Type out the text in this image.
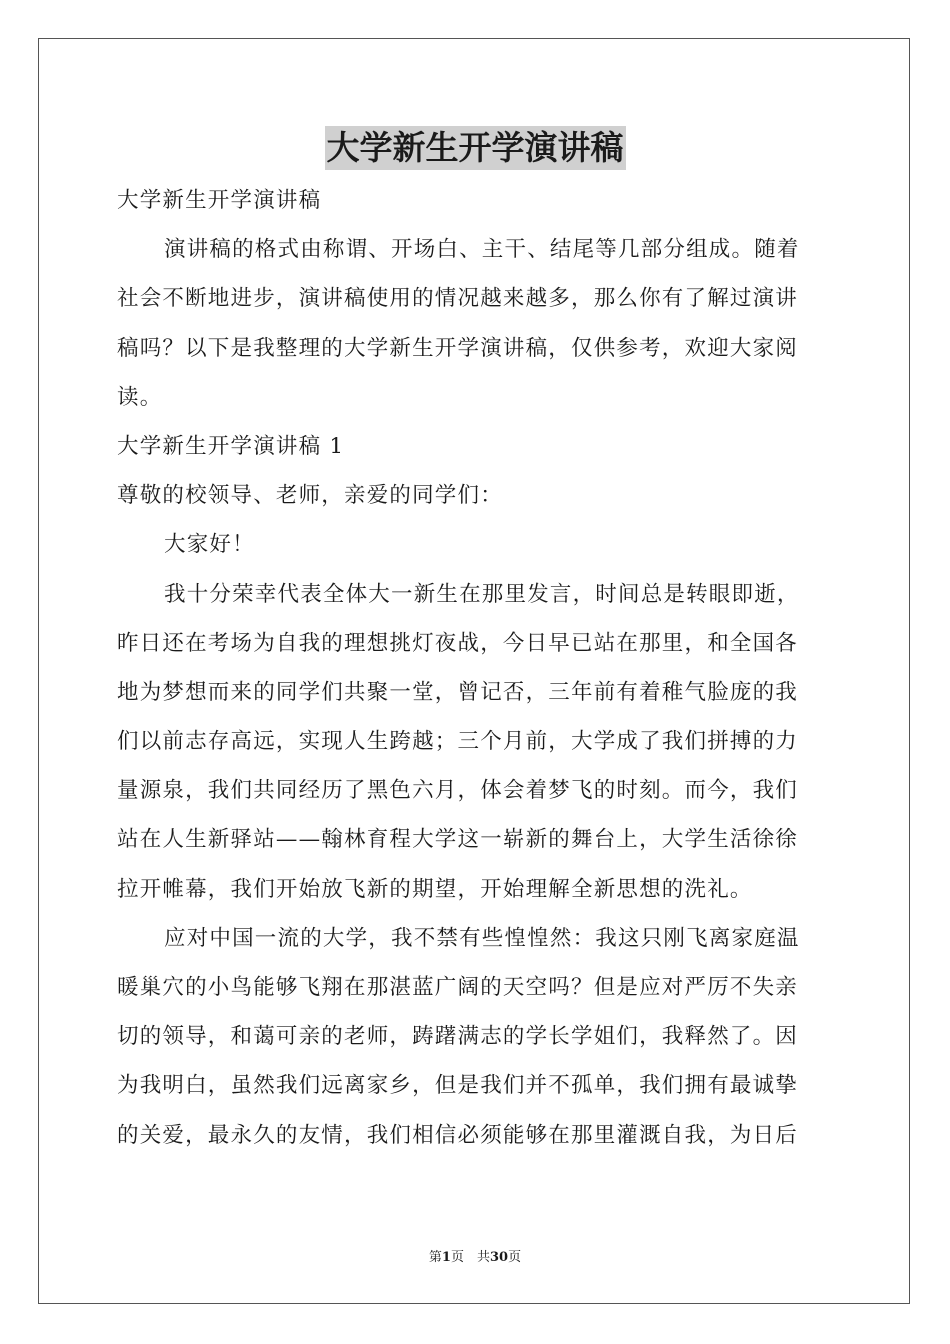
大学新生开学演讲稿
大学新生开学演讲稿
演讲稿的格式由称谓、开场白、主干、结尾等几部分组成。随着
社会不断地进步，演讲稿使用的情况越来越多，那么你有了解过演讲
稿吗？以下是我整理的大学新生开学演讲稿，仅供参考，欢迎大家阅
读。
大学新生开学演讲稿 1
尊敬的校领导、老师，亲爱的同学们：
大家好！
我十分荣幸代表全体大一新生在那里发言，时间总是转眼即逝，
昨日还在考场为自我的理想挑灯夜战，今日早已站在那里，和全国各
地为梦想而来的同学们共聚一堂，曾记否，三年前有着稚气脸庞的我
们以前志存高远，实现人生跨越；三个月前，大学成了我们拼搏的力
量源泉，我们共同经历了黑色六月，体会着梦飞的时刻。而今，我们
站在人生新驿站——翰林育程大学这一崭新的舞台上，大学生活徐徐
拉开帷幕，我们开始放飞新的期望，开始理解全新思想的洗礼。
应对中国一流的大学，我不禁有些惶惶然：我这只刚飞离家庭温
暖巢穴的小鸟能够飞翔在那湛蓝广阔的天空吗？但是应对严厉不失亲
切的领导，和蔼可亲的老师，踌躇满志的学长学姐们，我释然了。因
为我明白，虽然我们远离家乡，但是我们并不孤单，我们拥有最诚挚
的关爱，最永久的友情，我们相信必须能够在那里灌溉自我，为日后
第1页　共30页
